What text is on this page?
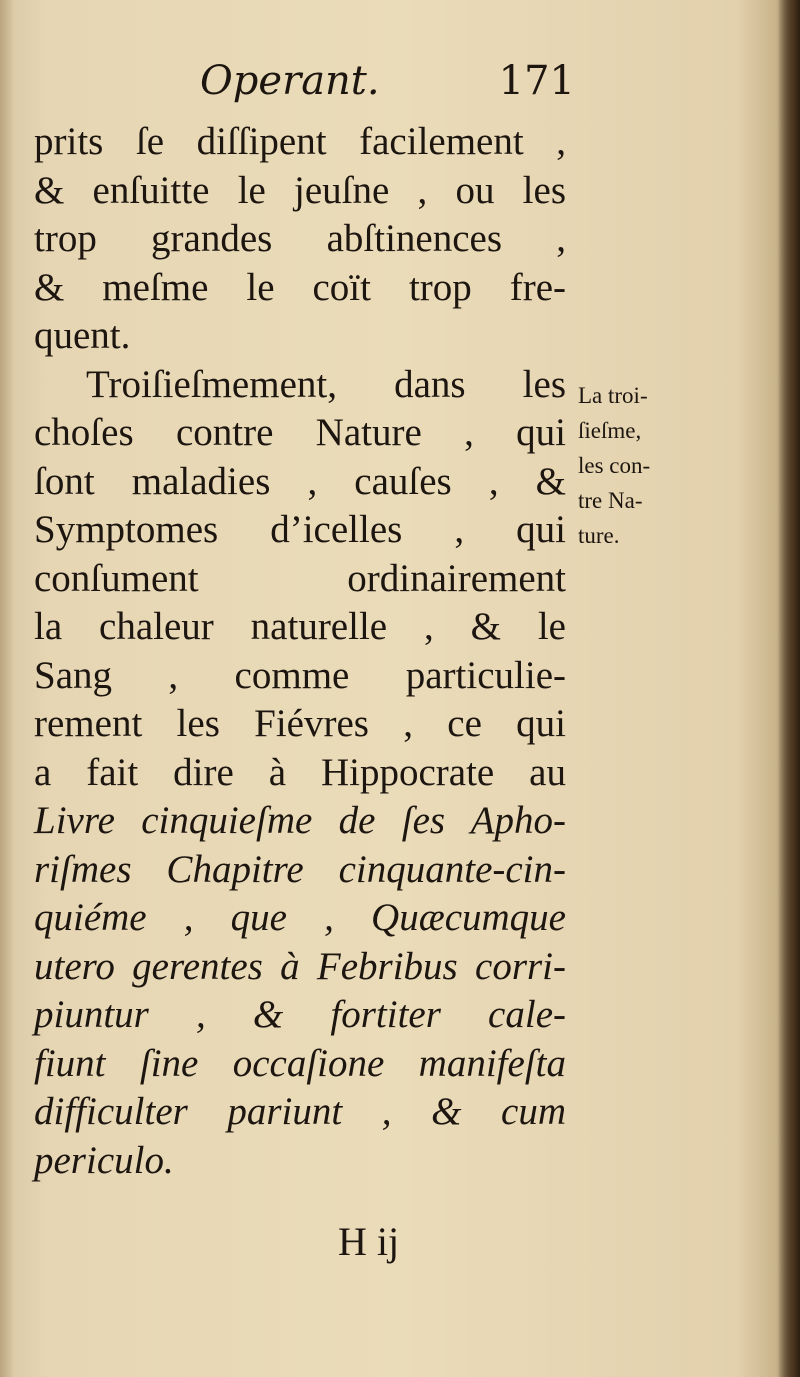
Operant.	171
prits ſe diſſipent facilement ,
& enſuitte le jeuſne , ou les
trop grandes abſtinences ,
& meſme le coït trop fre-
quent.
Troiſieſmement, dans les
choſes contre Nature , qui
ſont maladies , cauſes , &
Symptomes d’icelles , qui
conſument ordinairement
la chaleur naturelle , & le
Sang , comme particulie-
rement les Fiévres , ce qui
a fait dire à Hippocrate au
Livre cinquieſme de ſes Apho-
riſmes Chapitre cinquante-cin-
quiéme , que , Quæcumque
utero gerentes à Febribus corri-
piuntur , & fortiter cale-
fiunt ſine occaſione manifeſta
difficulter pariunt , & cum
periculo.
La troi-
ſieſme,
les con-
tre Na-
ture.
H ij
